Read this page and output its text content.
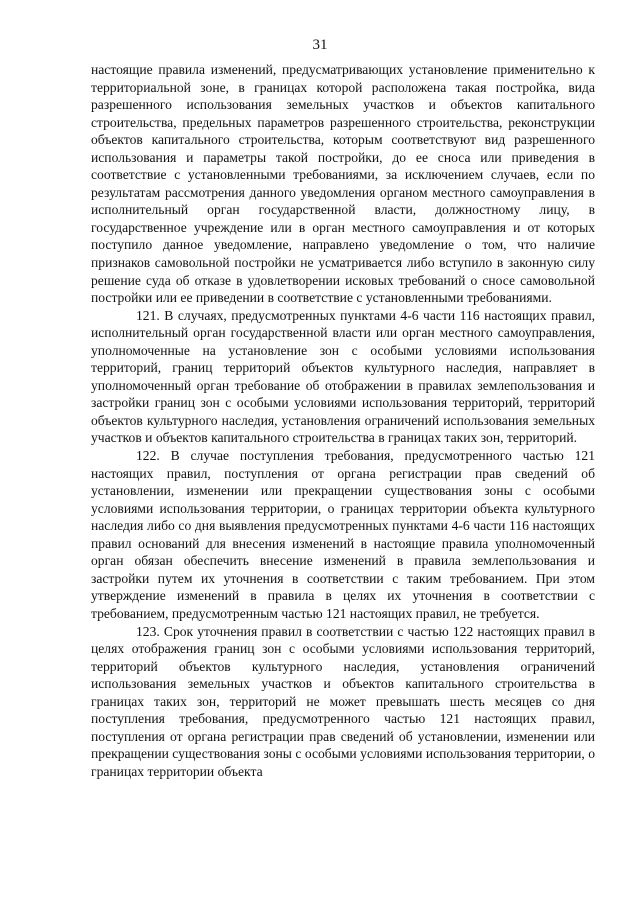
31

настоящие правила изменений, предусматривающих установление применительно к территориальной зоне, в границах которой расположена такая постройка, вида разрешенного использования земельных участков и объектов капитального строительства, предельных параметров разрешенного строительства, реконструкции объектов капитального строительства, которым соответствуют вид разрешенного использования и параметры такой постройки, до ее сноса или приведения в соответствие с установленными требованиями, за исключением случаев, если по результатам рассмотрения данного уведомления органом местного самоуправления в исполнительный орган государственной власти, должностному лицу, в государственное учреждение или в орган местного самоуправления и от которых поступило данное уведомление, направлено уведомление о том, что наличие признаков самовольной постройки не усматривается либо вступило в законную силу решение суда об отказе в удовлетворении исковых требований о сносе самовольной постройки или ее приведении в соответствие с установленными требованиями.

121. В случаях, предусмотренных пунктами 4-6 части 116 настоящих правил, исполнительный орган государственной власти или орган местного самоуправления, уполномоченные на установление зон с особыми условиями использования территорий, границ территорий объектов культурного наследия, направляет в уполномоченный орган требование об отображении в правилах землепользования и застройки границ зон с особыми условиями использования территорий, территорий объектов культурного наследия, установления ограничений использования земельных участков и объектов капитального строительства в границах таких зон, территорий.

122. В случае поступления требования, предусмотренного частью 121 настоящих правил, поступления от органа регистрации прав сведений об установлении, изменении или прекращении существования зоны с особыми условиями использования территории, о границах территории объекта культурного наследия либо со дня выявления предусмотренных пунктами 4-6 части 116 настоящих правил оснований для внесения изменений в настоящие правила уполномоченный орган обязан обеспечить внесение изменений в правила землепользования и застройки путем их уточнения в соответствии с таким требованием. При этом утверждение изменений в правила в целях их уточнения в соответствии с требованием, предусмотренным частью 121 настоящих правил, не требуется.

123. Срок уточнения правил в соответствии с частью 122 настоящих правил в целях отображения границ зон с особыми условиями использования территорий, территорий объектов культурного наследия, установления ограничений использования земельных участков и объектов капитального строительства в границах таких зон, территорий не может превышать шесть месяцев со дня поступления требования, предусмотренного частью 121 настоящих правил, поступления от органа регистрации прав сведений об установлении, изменении или прекращении существования зоны с особыми условиями использования территории, о границах территории объекта
